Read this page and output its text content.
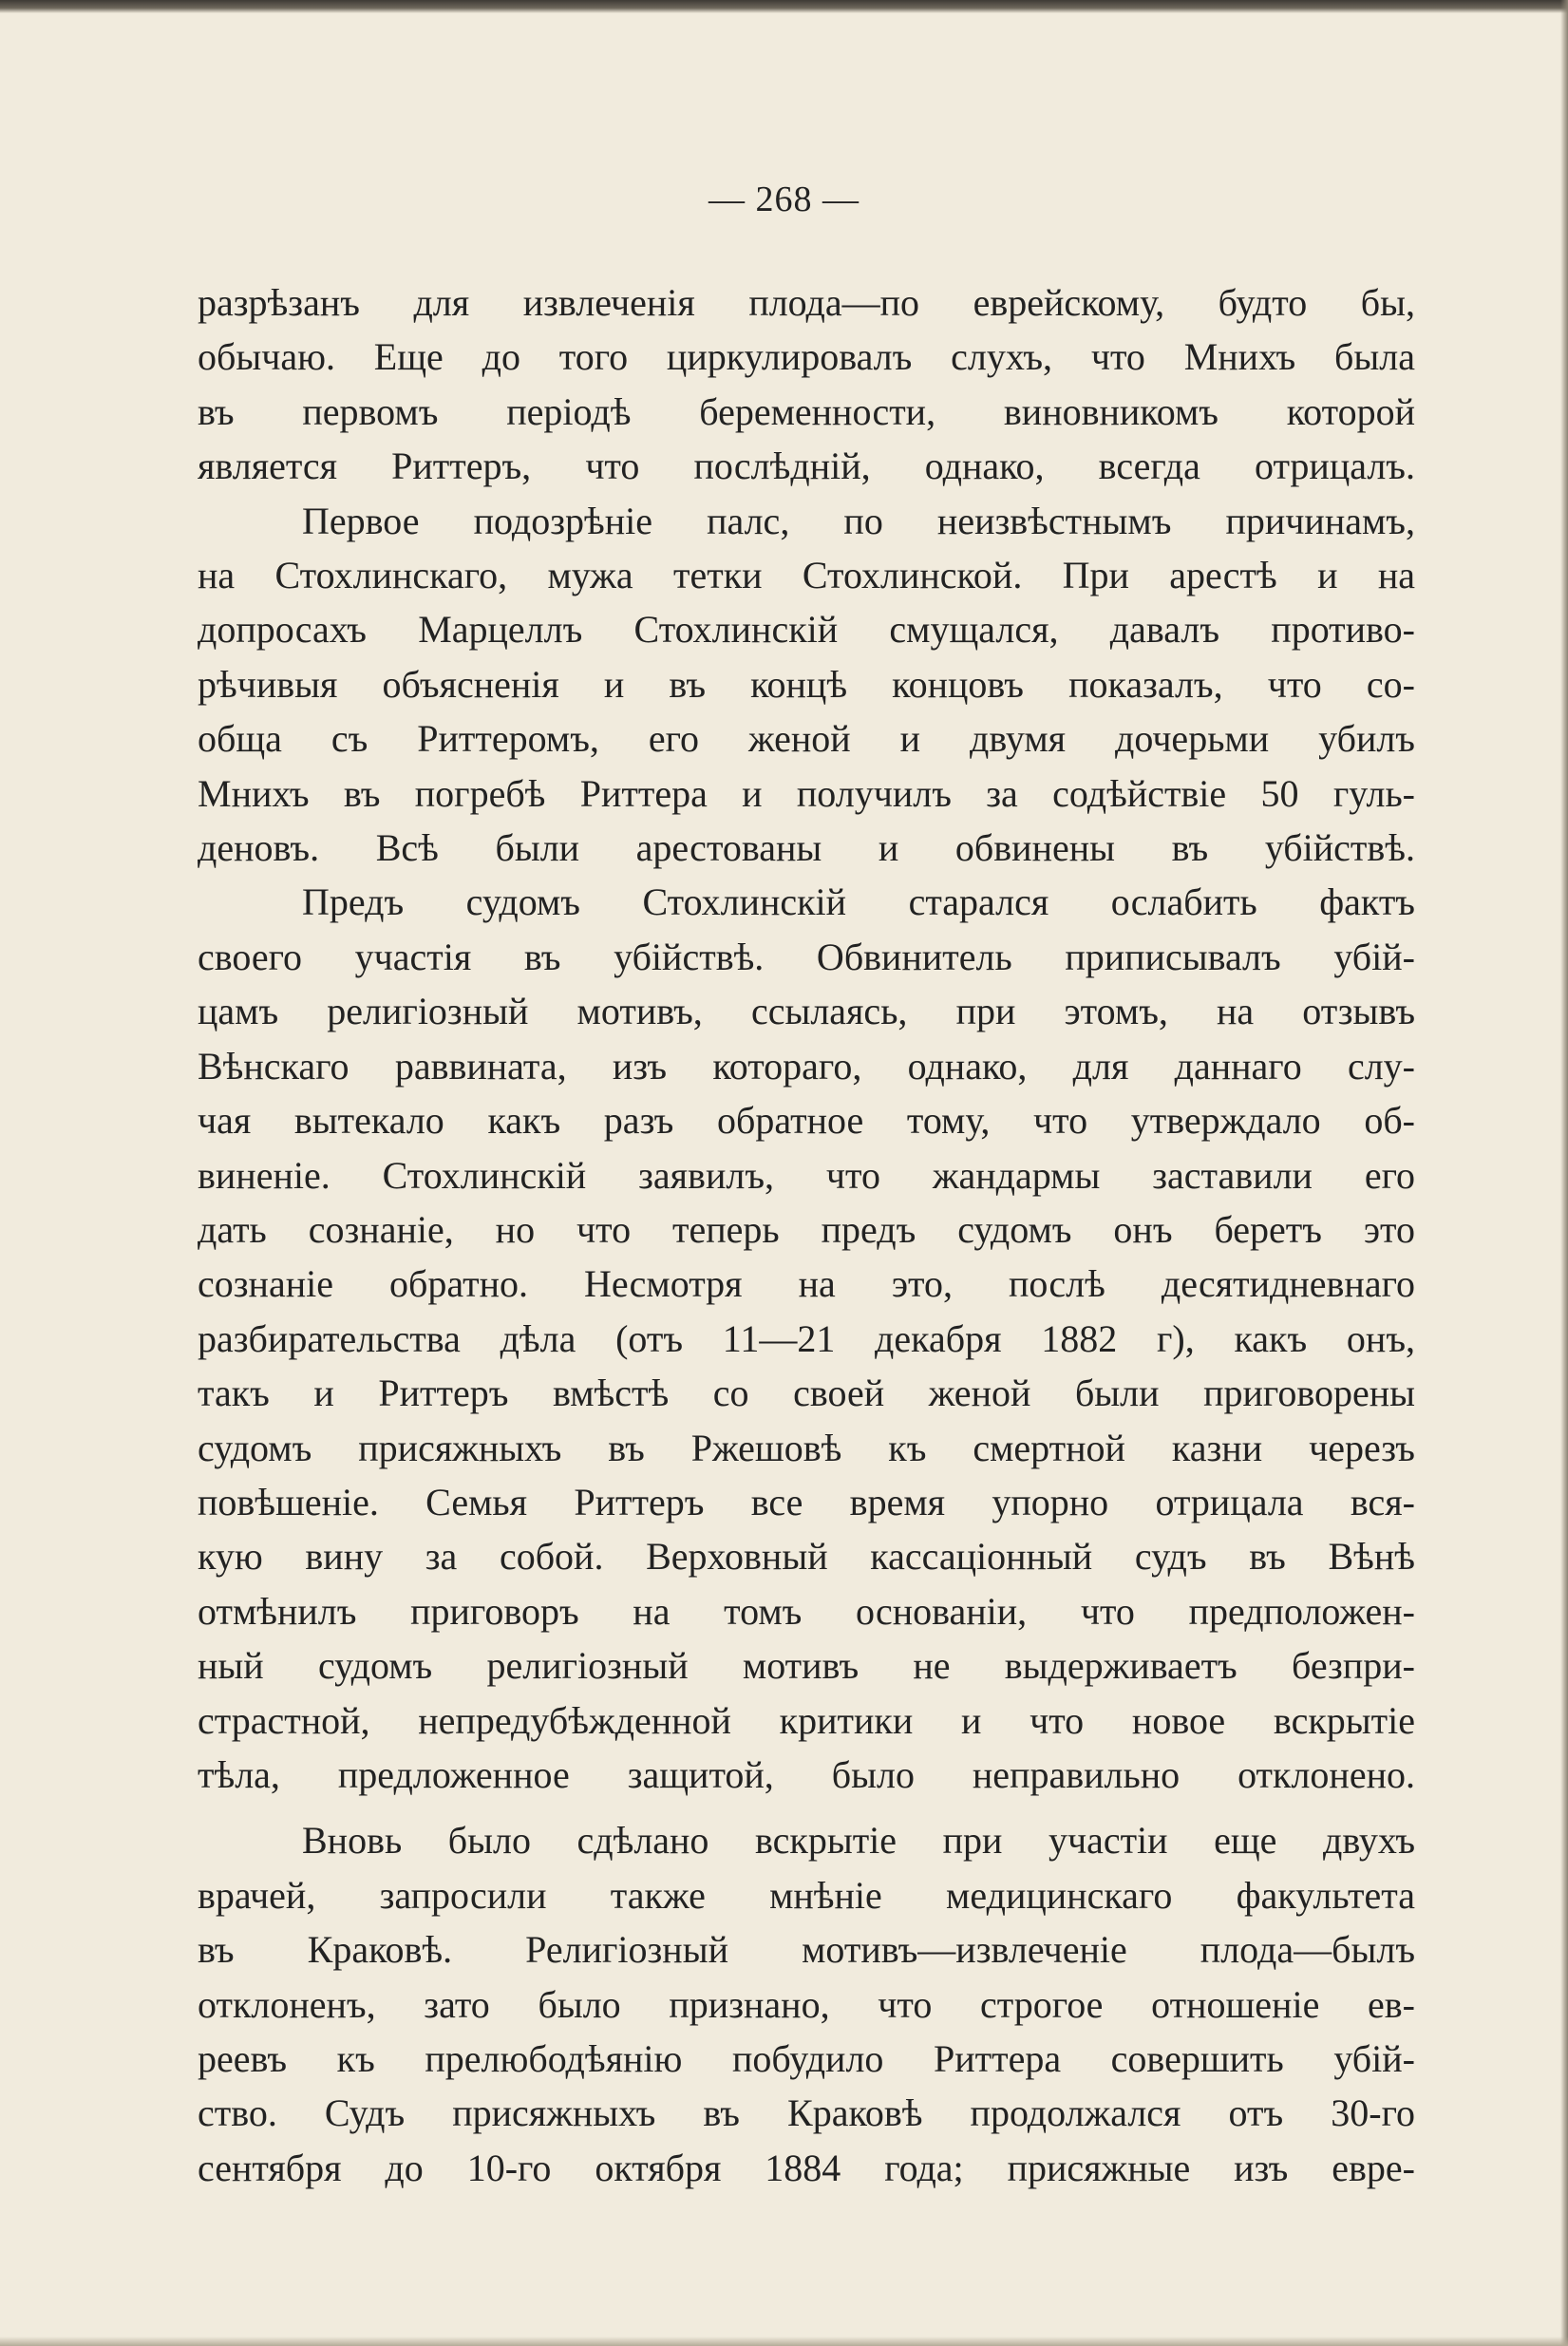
— 268 —
разрѣзанъ для извлеченія плода—по еврейскому, будто бы,
обычаю. Еще до того циркулировалъ слухъ, что Мнихъ была
въ первомъ періодѣ беременности, виновникомъ которой
является Риттеръ, что послѣдній, однако, всегда отрицалъ.
Первое подозрѣніе палс, по неизвѣстнымъ причинамъ,
на Стохлинскаго, мужа тетки Стохлинской. При арестѣ и на
допросахъ Марцеллъ Стохлинскій смущался, давалъ противо-
рѣчивыя объясненія и въ концѣ концовъ показалъ, что со-
обща съ Риттеромъ, его женой и двумя дочерьми убилъ
Мнихъ въ погребѣ Риттера и получилъ за содѣйствіе 50 гуль-
деновъ. Всѣ были арестованы и обвинены въ убійствѣ.
Предъ судомъ Стохлинскій старался ослабить фактъ
своего участія въ убійствѣ. Обвинитель приписывалъ убій-
цамъ религіозный мотивъ, ссылаясь, при этомъ, на отзывъ
Вѣнскаго раввината, изъ котораго, однако, для даннаго слу-
чая вытекало какъ разъ обратное тому, что утверждало об-
виненіе. Стохлинскій заявилъ, что жандармы заставили его
дать сознаніе, но что теперь предъ судомъ онъ беретъ это
сознаніе обратно. Несмотря на это, послѣ десятидневнаго
разбирательства дѣла (отъ 11—21 декабря 1882 г), какъ онъ,
такъ и Риттеръ вмѣстѣ со своей женой были приговорены
судомъ присяжныхъ въ Ржешовѣ къ смертной казни черезъ
повѣшеніе. Семья Риттеръ все время упорно отрицала вся-
кую вину за собой. Верховный кассаціонный судъ въ Вѣнѣ
отмѣнилъ приговоръ на томъ основаніи, что предположен-
ный судомъ религіозный мотивъ не выдерживаетъ безпри-
страстной, непредубѣжденной критики и что новое вскрытіе
тѣла, предложенное защитой, было неправильно отклонено.
Вновь было сдѣлано вскрытіе при участіи еще двухъ
врачей, запросили также мнѣніе медицинскаго факультета
въ Краковѣ. Религіозный мотивъ—извлеченіе плода—былъ
отклоненъ, зато было признано, что строгое отношеніе ев-
реевъ къ прелюбодѣянію побудило Риттера совершить убій-
ство. Судъ присяжныхъ въ Краковѣ продолжался отъ 30-го
сентября до 10-го октября 1884 года; присяжные изъ евре-
